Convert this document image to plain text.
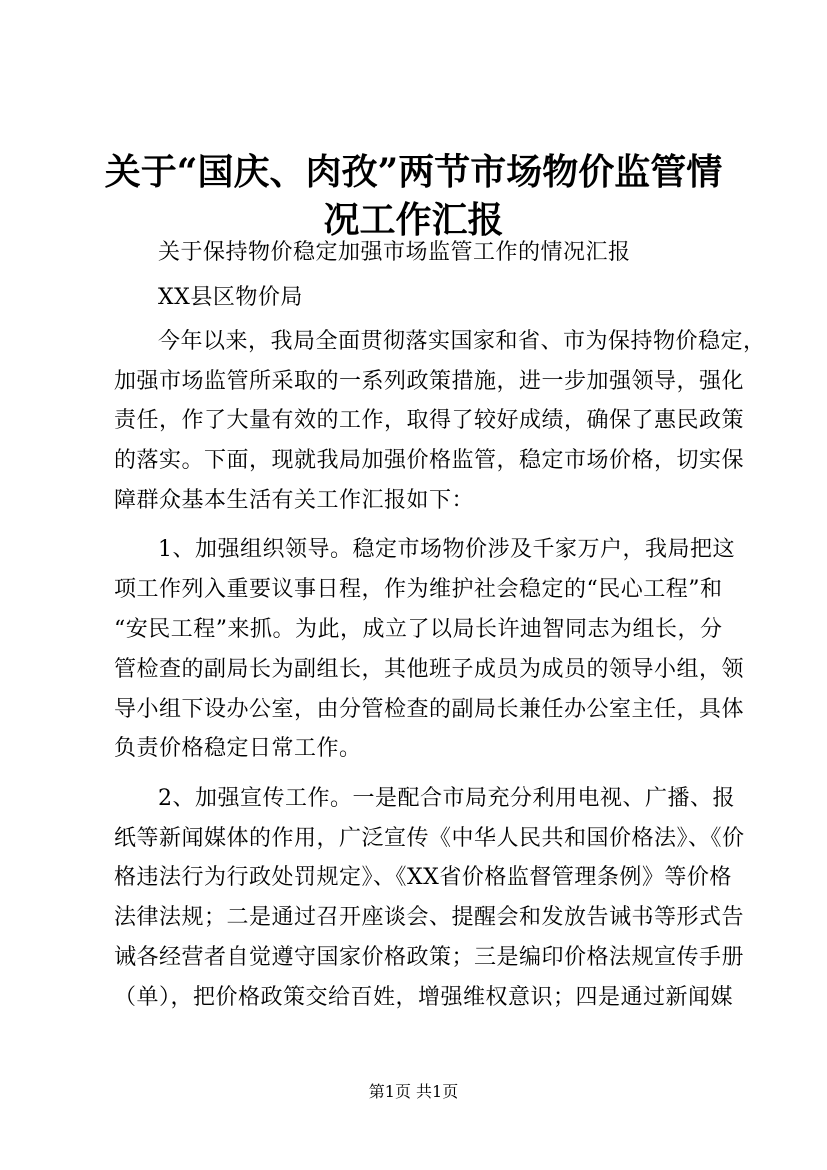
关于“国庆、肉孜”两节市场物价监管情况工作汇报
关于保持物价稳定加强市场监管工作的情况汇报
XX县区物价局
今年以来，我局全面贯彻落实国家和省、市为保持物价稳定，
加强市场监管所采取的一系列政策措施，进一步加强领导，强化
责任，作了大量有效的工作，取得了较好成绩，确保了惠民政策
的落实。下面，现就我局加强价格监管，稳定市场价格，切实保
障群众基本生活有关工作汇报如下：
1、加强组织领导。稳定市场物价涉及千家万户，我局把这
项工作列入重要议事日程，作为维护社会稳定的“民心工程”和
“安民工程”来抓。为此，成立了以局长许迪智同志为组长，分
管检查的副局长为副组长，其他班子成员为成员的领导小组，领
导小组下设办公室，由分管检查的副局长兼任办公室主任，具体
负责价格稳定日常工作。
2、加强宣传工作。一是配合市局充分利用电视、广播、报
纸等新闻媒体的作用，广泛宣传《中华人民共和国价格法》、《价
格违法行为行政处罚规定》、《XX省价格监督管理条例》等价格
法律法规；二是通过召开座谈会、提醒会和发放告诫书等形式告
诫各经营者自觉遵守国家价格政策；三是编印价格法规宣传手册
（单），把价格政策交给百姓，增强维权意识；四是通过新闻媒
第1页 共1页
